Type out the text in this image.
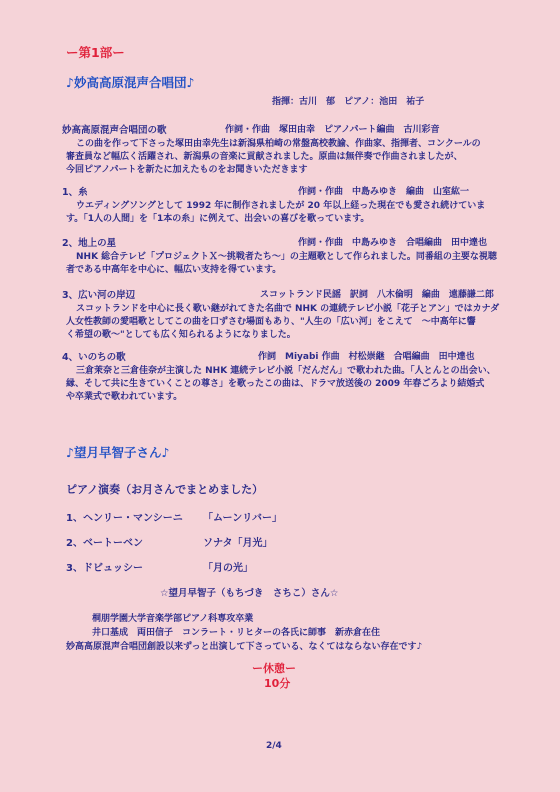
ー第1部ー
♪妙高高原混声合唱団♪
指揮：古川　郁　ピアノ：池田　祐子
妙高高原混声合唱団の歌	作詞・作曲　塚田由幸　ピアノパート編曲　古川彩音
この曲を作って下さった塚田由幸先生は新潟県柏崎の常盤高校教諭、作曲家、指揮者、コンクールの
審査員など幅広く活躍され、新潟県の音楽に貢献されました。原曲は無伴奏で作曲されましたが、
今回ピアノパートを新たに加えたものをお聞きいただきます
1、糸	作詞・作曲　中島みゆき　編曲　山室紘一
ウエディングソングとして 1992 年に制作されましたが 20 年以上経った現在でも愛され続けていま
す。「1人の人間」を「1本の糸」に例えて、出会いの喜びを歌っています。
2、地上の星	作詞・作曲　中島みゆき　合唱編曲　田中達也
NHK 総合テレビ「プロジェクトＸ～挑戦者たち～」の主題歌として作られました。同番組の主要な視聴
者である中高年を中心に、幅広い支持を得ています。
3、広い河の岸辺	スコットランド民謡　訳詞　八木倫明　編曲　遠藤謙二郎
スコットランドを中心に長く歌い継がれてきた名曲で NHK の連続テレビ小説「花子とアン」ではカナダ
人女性教師の愛唱歌としてこの曲を口ずさむ場面もあり、"人生の「広い河」をこえて　～中高年に響
く希望の歌～"としても広く知られるようになりました。
4、いのちの歌	作詞　Miyabi 作曲　村松崇継　合唱編曲　田中達也
三倉茉奈と三倉佳奈が主演した NHK 連続テレビ小説「だんだん」で歌われた曲。「人とんとの出会い、
縁、そして共に生きていくことの尊さ」を歌ったこの曲は、ドラマ放送後の 2009 年春ごろより結婚式
や卒業式で歌われています。
♪望月早智子さん♪
ピアノ演奏（お月さんでまとめました）
1、ヘンリー・マンシーニ 「ムーンリバー」
2、ベートーベン	ソナタ「月光」
3、ドビュッシー	「月の光」
☆望月早智子（もちづき　さちこ）さん☆
桐朋学園大学音楽学部ピアノ科専攻卒業
井口基成　両田信子　コンラート・リヒターの各氏に師事　新赤倉在住
妙高高原混声合唱団創設以来ずっと出演して下さっている、なくてはならない存在です♪
ー休憩ー
10分
2/4
